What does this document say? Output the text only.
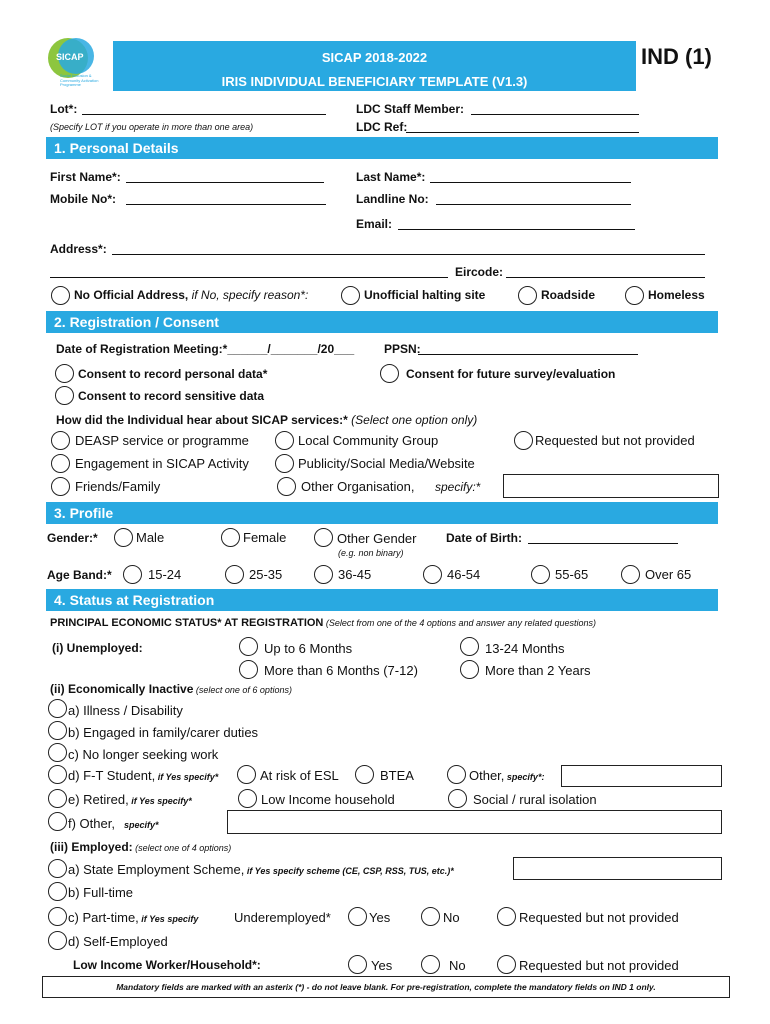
SICAP
Social Inclusion & Community Activation Programme
SICAP 2018-2022
IRIS INDIVIDUAL BENEFICIARY TEMPLATE (V1.3)
IND (1)
Lot*:
(Specify LOT if you operate in more than one area)
LDC Staff Member:
LDC Ref:
1. Personal Details
First Name*:	Last Name*:
Mobile No*:	Landline No:
Email:
Address*:
Eircode:
No Official Address, if No, specify reason*:	Unofficial halting site	Roadside	Homeless
2. Registration / Consent
Date of Registration Meeting:*______/_______/20___ PPSN:
Consent to record personal data*	Consent for future survey/evaluation
Consent to record sensitive data
How did the Individual hear about SICAP services:* (Select one option only)
DEASP service or programme	Local Community Group	Requested but not provided
Engagement in SICAP Activity	Publicity/Social Media/Website
Friends/Family	Other Organisation, specify:*
3. Profile
Gender:*	Male	Female	Other Gender
(e.g. non binary)
Date of Birth:
Age Band:*	15-24	25-35	36-45	46-54	55-65	Over 65
4. Status at Registration
PRINCIPAL ECONOMIC STATUS* AT REGISTRATION (Select from one of the 4 options and answer any related questions)
(i) Unemployed:	Up to 6 Months	13-24 Months
More than 6 Months (7-12)	More than 2 Years
(ii) Economically Inactive (select one of 6 options)
a) Illness / Disability
b) Engaged in family/carer duties
c) No longer seeking work
d) F-T Student, if Yes specify*	At risk of ESL	BTEA	Other, specify*:
e) Retired, if Yes specify*	Low Income household	Social / rural isolation
f) Other, specify*
(iii) Employed: (select one of 4 options)
a) State Employment Scheme, if Yes specify scheme (CE, CSP, RSS, TUS, etc.)*
b) Full-time
c) Part-time, if Yes specify	Underemployed*	Yes	No	Requested but not provided
d) Self-Employed
Low Income Worker/Household*:	Yes	No	Requested but not provided
Mandatory fields are marked with an asterix (*) - do not leave blank. For pre-registration, complete the mandatory fields on IND 1 only.
